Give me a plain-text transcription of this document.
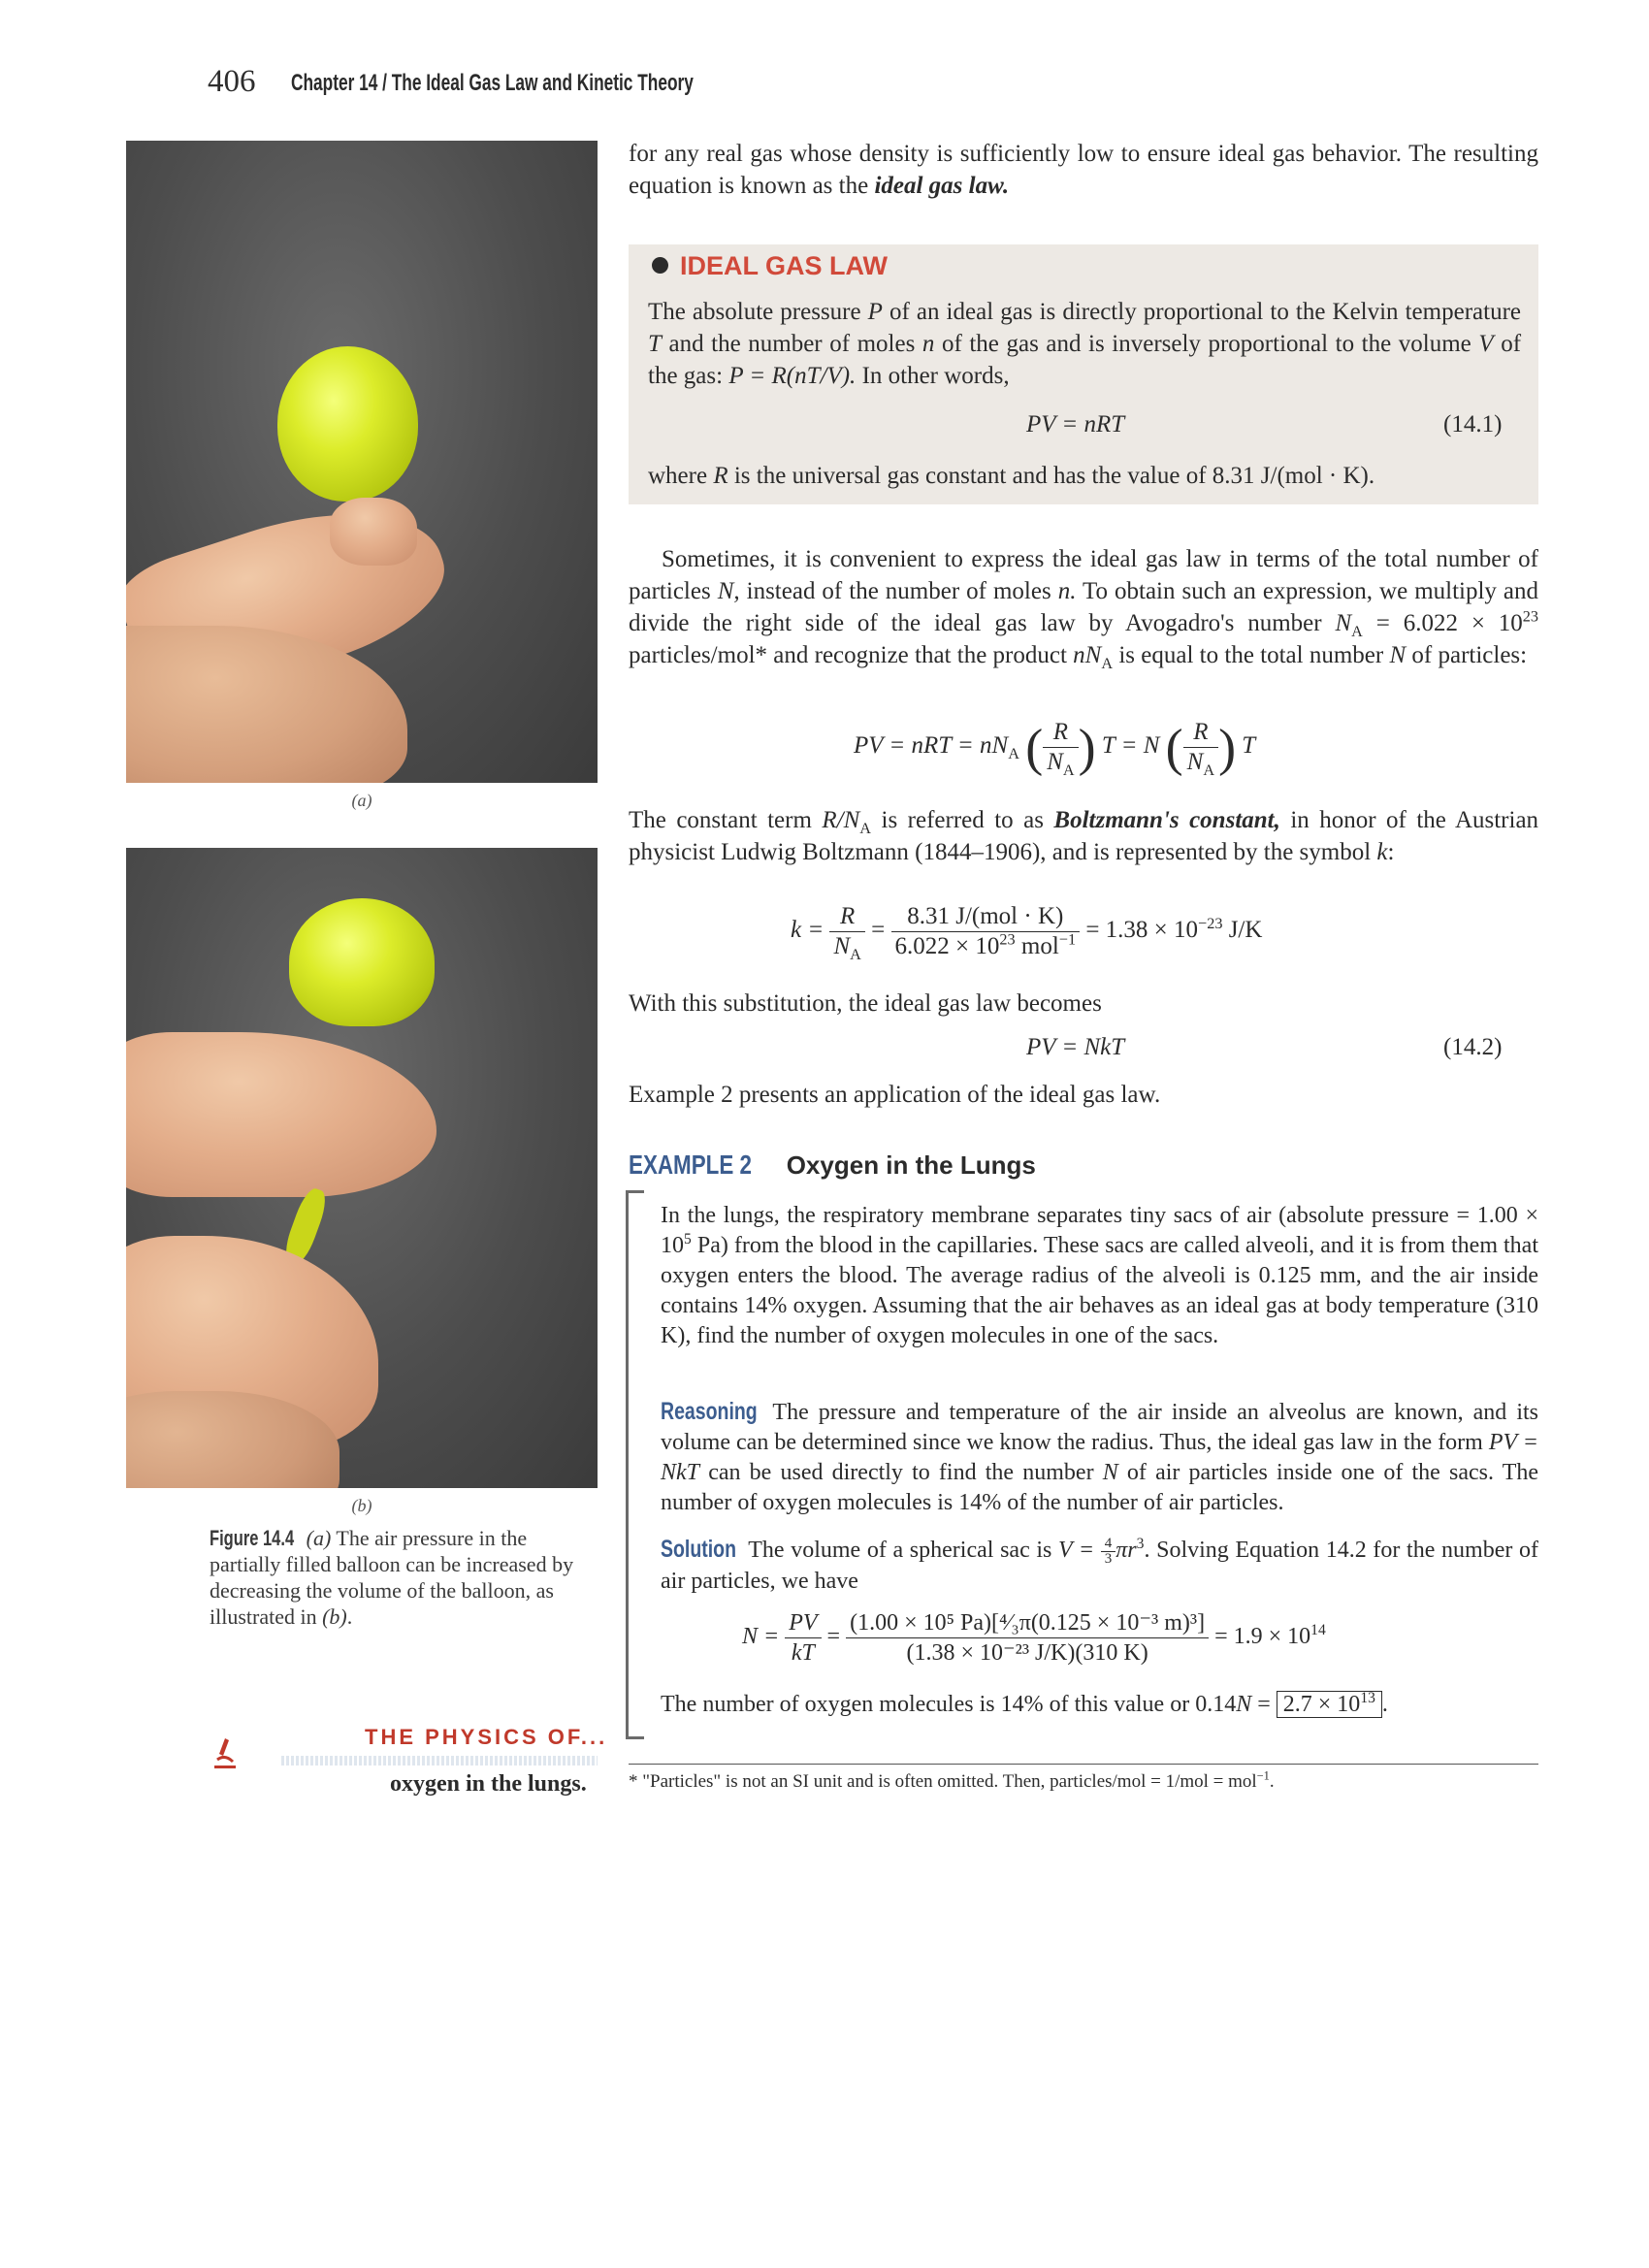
406 Chapter 14 / The Ideal Gas Law and Kinetic Theory
(a)
(b)
Figure 14.4 (a) The air pressure in the partially filled balloon can be increased by decreasing the volume of the balloon, as illustrated in (b).
THE PHYSICS OF...
oxygen in the lungs.
for any real gas whose density is sufficiently low to ensure ideal gas behavior. The resulting equation is known as the ideal gas law.
IDEAL GAS LAW
The absolute pressure P of an ideal gas is directly proportional to the Kelvin temperature T and the number of moles n of the gas and is inversely proportional to the volume V of the gas: P = R(nT/V). In other words,
PV = nRT	(14.1)
where R is the universal gas constant and has the value of 8.31 J/(mol · K).
Sometimes, it is convenient to express the ideal gas law in terms of the total number of particles N, instead of the number of moles n. To obtain such an expression, we multiply and divide the right side of the ideal gas law by Avogadro's number $N_A = 6.022 \times 10^{23}$ particles/mol* and recognize that the product $nN_A$ is equal to the total number N of particles:
PV = nRT = $nN_A$ ( $\frac{R}{N_A}$ ) T = N ( $\frac{R}{N_A}$ ) T
The constant term $R/N_A$ is referred to as Boltzmann's constant, in honor of the Austrian physicist Ludwig Boltzmann (1844–1906), and is represented by the symbol k:
$k = \frac{R}{N_A} = \frac{\text{8.31 J/(mol · K)}}{6.022 \times 10^{23} mol^{-1}} = 1.38 \times 10^{-23}$ J/K
With this substitution, the ideal gas law becomes
PV = NkT	(14.2)
Example 2 presents an application of the ideal gas law.
EXAMPLE 2 Oxygen in the Lungs
In the lungs, the respiratory membrane separates tiny sacs of air (absolute pressure = $1.00 \times 10^5$ Pa) from the blood in the capillaries. These sacs are called alveoli, and it is from them that oxygen enters the blood. The average radius of the alveoli is 0.125 mm, and the air inside contains 14% oxygen. Assuming that the air behaves as an ideal gas at body temperature (310 K), find the number of oxygen molecules in one of the sacs.
Reasoning The pressure and temperature of the air inside an alveolus are known, and its volume can be determined since we know the radius. Thus, the ideal gas law in the form PV = NkT can be used directly to find the number N of air particles inside one of the sacs. The number of oxygen molecules is 14% of the number of air particles.
Solution The volume of a spherical sac is $V = \frac{4}{3} \pi r^3$. Solving Equation 14.2 for the number of air particles, we have
$N = \frac{PV}{kT} = \frac{\text{(1.00 × 10⁵ Pa)[⁴⁄₃π(0.125 × 10⁻³ m)³]}}{\text{(1.38 × 10⁻²³ J/K)(310 K)}} = 1.9 \times 10^{14}$
The number of oxygen molecules is 14% of this value or $0.14N = 2.7 \times 10^{13}$ .
* "Particles" is not an SI unit and is often omitted. Then, particles/mol = 1/mol = mol$^{-1}$.
